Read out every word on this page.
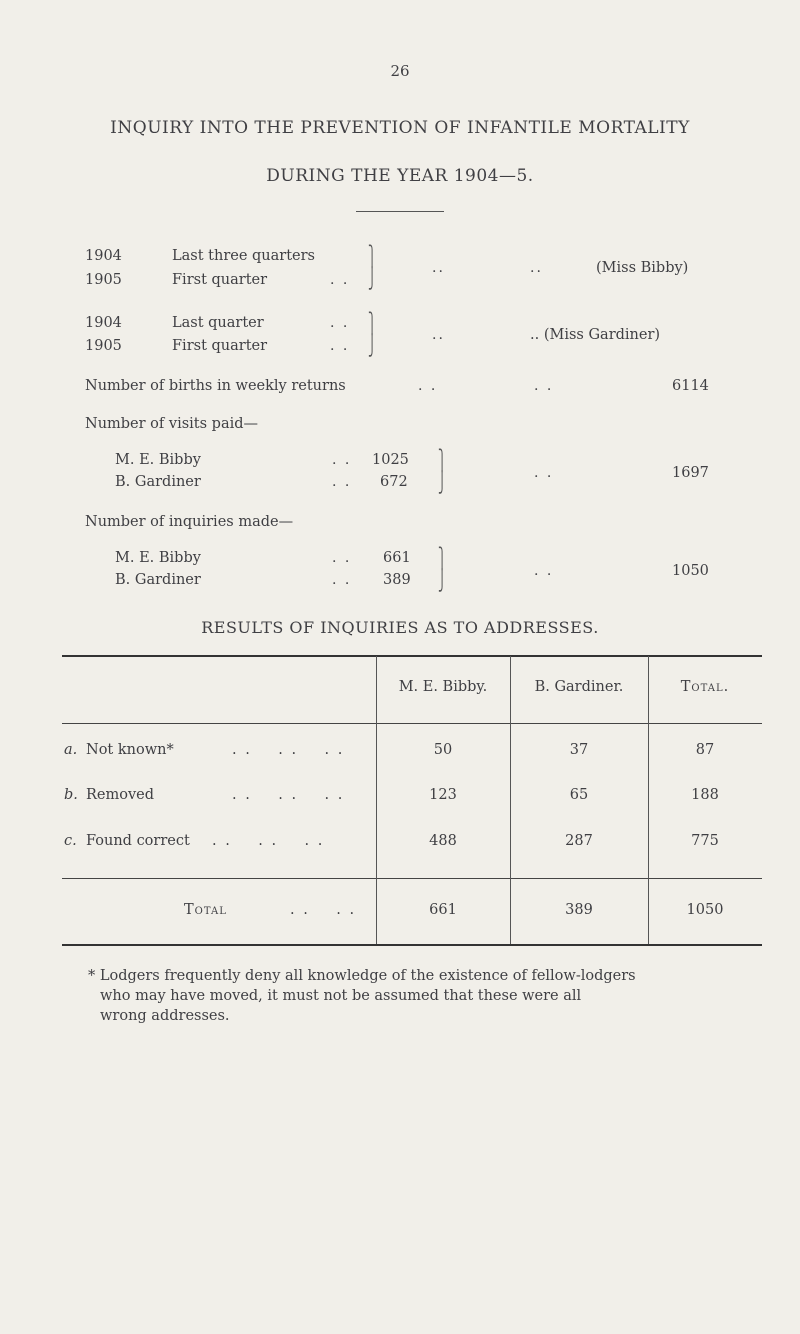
26
INQUIRY INTO THE PREVENTION OF INFANTILE MORTALITY
DURING THE YEAR 1904—5.
1904	Last three quarters
1905	First quarter	. .
⎫
⎭	..	..	(Miss Bibby)
1904	Last quarter	. .
1905	First quarter	. .
⎫
⎭	..	.. (Miss Gardiner)
Number of births in weekly returns	. .	. .	6114
Number of visits paid—
M. E. Bibby	. . 1025
B. Gardiner	. . 672
⎫
⎭	. .	1697
Number of inquiries made—
M. E. Bibby	. . 661
B. Gardiner	. . 389
⎫
⎭	. .	1050
RESULTS OF INQUIRIES AS TO ADDRESSES.
M. E. Bibby.	B. Gardiner.	Total.
a. Not known*	. .    . .    . .	50	37	87
b. Removed	. .    . .    . .	123	65	188
c. Found correct . .    . .    . .	488	287	775
Total	. .    . .	661	389	1050
* Lodgers frequently deny all knowledge of the existence of fellow-lodgers
who may have moved, it must not be assumed that these were all
wrong addresses.
